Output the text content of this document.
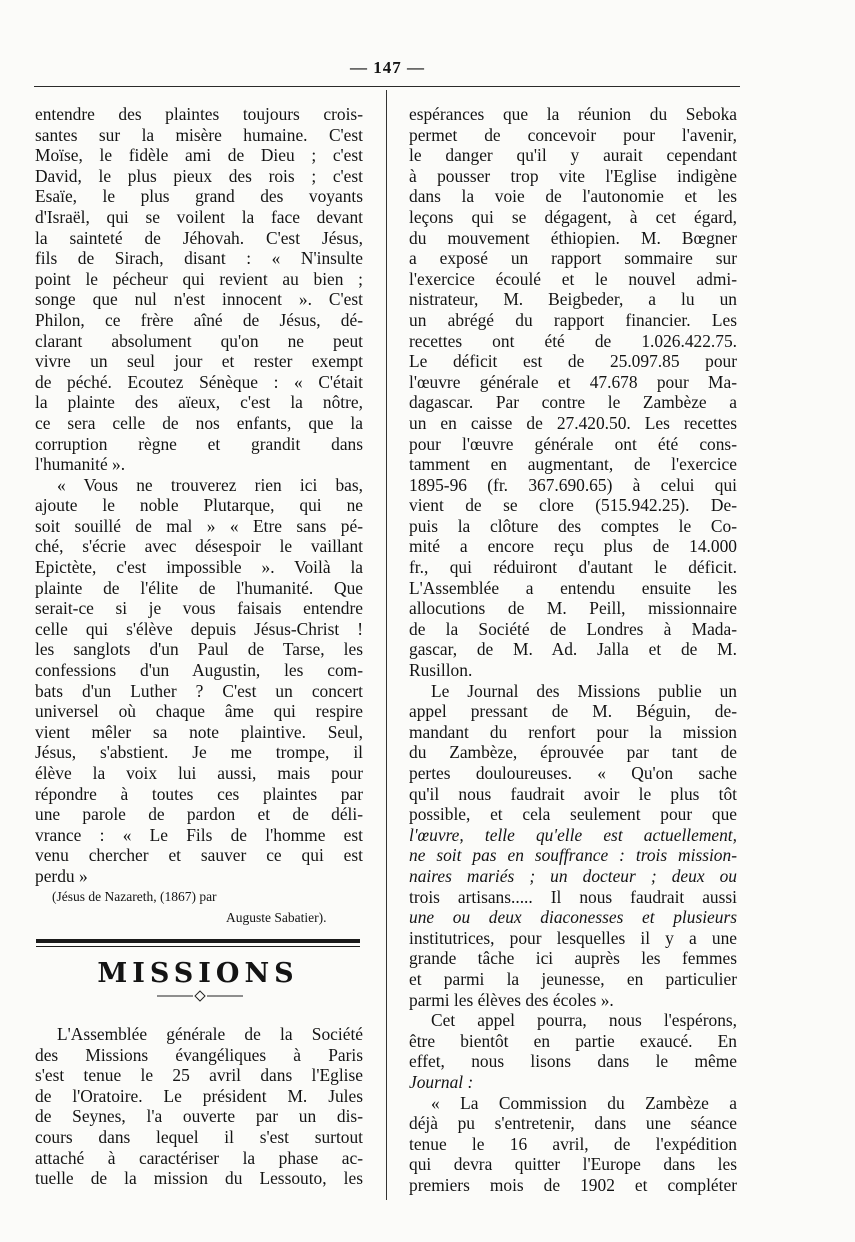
— 147 —
entendre des plaintes toujours crois-
santes sur la misère humaine. C'est
Moïse, le fidèle ami de Dieu ; c'est
David, le plus pieux des rois ; c'est
Esaïe, le plus grand des voyants
d'Israël, qui se voilent la face devant
la sainteté de Jéhovah. C'est Jésus,
fils de Sirach, disant : « N'insulte
point le pécheur qui revient au bien ;
songe que nul n'est innocent ». C'est
Philon, ce frère aîné de Jésus, dé-
clarant absolument qu'on ne peut
vivre un seul jour et rester exempt
de péché. Ecoutez Sénèque : « C'était
la plainte des aïeux, c'est la nôtre,
ce sera celle de nos enfants, que la
corruption règne et grandit dans
l'humanité ».
« Vous ne trouverez rien ici bas,
ajoute le noble Plutarque, qui ne
soit souillé de mal » « Etre sans pé-
ché, s'écrie avec désespoir le vaillant
Epictète, c'est impossible ». Voilà la
plainte de l'élite de l'humanité. Que
serait-ce si je vous faisais entendre
celle qui s'élève depuis Jésus-Christ !
les sanglots d'un Paul de Tarse, les
confessions d'un Augustin, les com-
bats d'un Luther ? C'est un concert
universel où chaque âme qui respire
vient mêler sa note plaintive. Seul,
Jésus, s'abstient. Je me trompe, il
élève la voix lui aussi, mais pour
répondre à toutes ces plaintes par
une parole de pardon et de déli-
vrance : « Le Fils de l'homme est
venu chercher et sauver ce qui est
perdu »
(Jésus de Nazareth, (1867) par
Auguste Sabatier).
MISSIONS
L'Assemblée générale de la Société
des Missions évangéliques à Paris
s'est tenue le 25 avril dans l'Eglise
de l'Oratoire. Le président M. Jules
de Seynes, l'a ouverte par un dis-
cours dans lequel il s'est surtout
attaché à caractériser la phase ac-
tuelle de la mission du Lessouto, les
espérances que la réunion du Seboka
permet de concevoir pour l'avenir,
le danger qu'il y aurait cependant
à pousser trop vite l'Eglise indigène
dans la voie de l'autonomie et les
leçons qui se dégagent, à cet égard,
du mouvement éthiopien. M. Bœgner
a exposé un rapport sommaire sur
l'exercice écoulé et le nouvel admi-
nistrateur, M. Beigbeder, a lu un
un abrégé du rapport financier. Les
recettes ont été de 1.026.422.75.
Le déficit est de 25.097.85 pour
l'œuvre générale et 47.678 pour Ma-
dagascar. Par contre le Zambèze a
un en caisse de 27.420.50. Les recettes
pour l'œuvre générale ont été cons-
tamment en augmentant, de l'exercice
1895-96 (fr. 367.690.65) à celui qui
vient de se clore (515.942.25). De-
puis la clôture des comptes le Co-
mité a encore reçu plus de 14.000
fr., qui réduiront d'autant le déficit.
L'Assemblée a entendu ensuite les
allocutions de M. Peill, missionnaire
de la Société de Londres à Mada-
gascar, de M. Ad. Jalla et de M.
Rusillon.
Le Journal des Missions publie un
appel pressant de M. Béguin, de-
mandant du renfort pour la mission
du Zambèze, éprouvée par tant de
pertes douloureuses. « Qu'on sache
qu'il nous faudrait avoir le plus tôt
possible, et cela seulement pour que
l'œuvre, telle qu'elle est actuellement,
ne soit pas en souffrance : trois mission-
naires mariés ; un docteur ; deux ou
trois artisans..... Il nous faudrait aussi
une ou deux diaconesses et plusieurs
institutrices, pour lesquelles il y a une
grande tâche ici auprès les femmes
et parmi la jeunesse, en particulier
parmi les élèves des écoles ».
Cet appel pourra, nous l'espérons,
être bientôt en partie exaucé. En
effet, nous lisons dans le même
Journal :
« La Commission du Zambèze a
déjà pu s'entretenir, dans une séance
tenue le 16 avril, de l'expédition
qui devra quitter l'Europe dans les
premiers mois de 1902 et compléter
